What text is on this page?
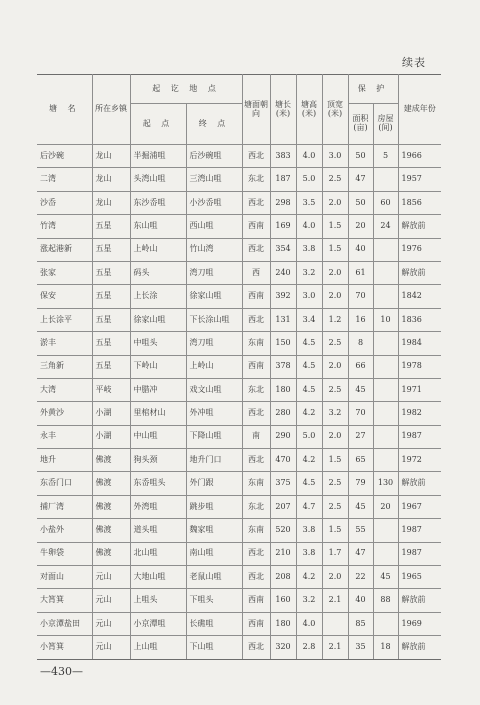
续表
塘 名	所在乡镇	起 讫 地 点		塘面朝向	塘长(米)	塘高(米)	顶宽(米)	保 护		建成年份
		起 点	终 点					面积(亩)	房屋(间)	
后沙碗	龙山	半掘浦咀	后沙碗咀	西北	383	4.0	3.0	50	5	1966
二湾	龙山	头湾山咀	三湾山咀	东北	187	5.0	2.5	47		1957
沙岙	龙山	东沙岙咀	小沙岙咀	西北	298	3.5	2.0	50	60	1856
竹湾	五星	东山咀	西山咀	西南	169	4.0	1.5	20	24	解放前
涨起港新	五星	上岭山	竹山湾	西北	354	3.8	1.5	40		1976
张家	五星	码头	湾刀咀	西	240	3.2	2.0	61		解放前
保安	五星	上长涂	徐家山咀	西南	392	3.0	2.0	70		1842
上长涂平	五星	徐家山咀	下长涂山咀	西北	131	3.4	1.2	16	10	1836
淤丰	五星	中咀头	湾刀咀	东南	150	4.5	2.5	8		1984
三角新	五星	下岭山	上岭山	西南	378	4.5	2.0	66		1978
大湾	平岐	中腊冲	戏文山咀	东北	180	4.5	2.5	45		1971
外黄沙	小湖	里棺材山	外冲咀	西北	280	4.2	3.2	70		1982
永丰	小湖	中山咀	下降山咀	南	290	5.0	2.0	27		1987
地升	佛渡	狗头颈	地升门口	西北	470	4.2	1.5	65		1972
东岙门口	佛渡	东岙咀头	外门跟	东南	375	4.5	2.5	79	130	解放前
捕厂湾	佛渡	外湾咀	跳步咀	东北	207	4.7	2.5	45	20	1967
小盐外	佛渡	道头咀	魏家咀	东南	520	3.8	1.5	55		1987
牛卵袋	佛渡	北山咀	南山咀	西北	210	3.8	1.7	47		1987
对面山	元山	大地山咀	老鼠山咀	西北	208	4.2	2.0	22	45	1965
大筲箕	元山	上咀头	下咀头	西南	160	3.2	2.1	40	88	解放前
小京潭盐田	元山	小京潭咀	长礁咀	西南	180	4.0		85		1969
小筲箕	元山	上山咀	下山咀	西北	320	2.8	2.1	35	18	解放前
—430—
